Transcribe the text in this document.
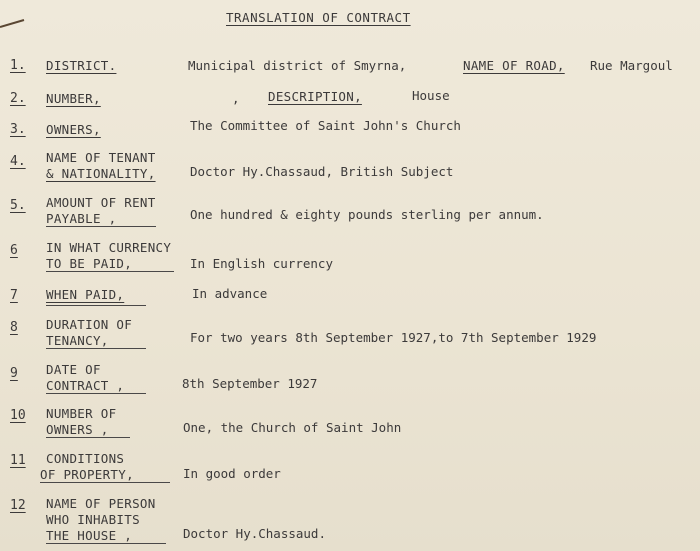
TRANSLATION OF CONTRACT
1. DISTRICT.	Municipal district of Smyrna,	NAME OF ROAD, Rue Margoul
2. NUMBER,	, DESCRIPTION,	House
3. OWNERS,	The Committee of Saint John's Church
4. NAME OF TENANT
& NATIONALITY,	Doctor Hy.Chassaud, British Subject
5. AMOUNT OF RENT
PAYABLE ,	One hundred & eighty pounds sterling per annum.
6 IN WHAT CURRENCY
TO BE PAID,	In English currency
7 WHEN PAID,	In advance
8 DURATION OF
TENANCY,	For two years 8th September 1927,to 7th September 1929
9 DATE OF
CONTRACT ,	8th September 1927
10 NUMBER OF
OWNERS ,	One, the Church of Saint John
11 CONDITIONS
OF PROPERTY,	In good order
12 NAME OF PERSON
WHO INHABITS
THE HOUSE ,	Doctor Hy.Chassaud.
